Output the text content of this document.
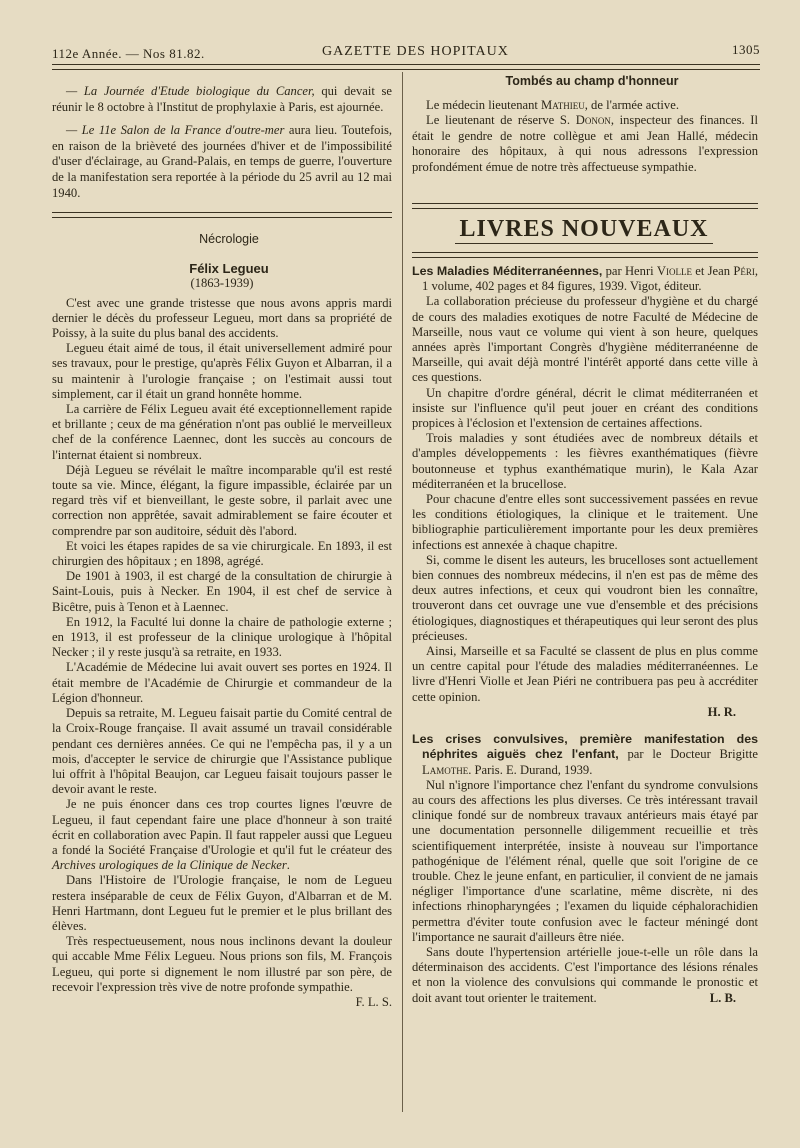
112e Année. — Nos 81.82.	GAZETTE DES HOPITAUX	1305

— La Journée d'Etude biologique du Cancer, qui devait se réunir le 8 octobre à l'Institut de prophylaxie à Paris, est ajournée.

— Le 11e Salon de la France d'outre-mer aura lieu. Toutefois, en raison de la brièveté des journées d'hiver et de l'impossibilité d'user d'éclairage, au Grand-Palais, en temps de guerre, l'ouverture de la manifestation sera reportée à la période du 25 avril au 12 mai 1940.

Nécrologie

Félix Legueu

(1863-1939)

C'est avec une grande tristesse que nous avons appris mardi dernier le décès du professeur Legueu, mort dans sa propriété de Poissy, à la suite du plus banal des accidents.

Legueu était aimé de tous, il était universellement admiré pour ses travaux, pour le prestige, qu'après Félix Guyon et Albarran, il a su maintenir à l'urologie française ; on l'estimait aussi tout simplement, car il était un grand honnête homme.

La carrière de Félix Legueu avait été exceptionnellement rapide et brillante ; ceux de ma génération n'ont pas oublié le merveilleux chef de la conférence Laennec, dont les succès au concours de l'internat étaient si nombreux.

Déjà Legueu se révélait le maître incomparable qu'il est resté toute sa vie. Mince, élégant, la figure impassible, éclairée par un regard très vif et bienveillant, le geste sobre, il parlait avec une correction non apprêtée, savait admirablement se faire écouter et comprendre par son auditoire, séduit dès l'abord.

Et voici les étapes rapides de sa vie chirurgicale. En 1893, il est chirurgien des hôpitaux ; en 1898, agrégé.

De 1901 à 1903, il est chargé de la consultation de chirurgie à Saint-Louis, puis à Necker. En 1904, il est chef de service à Bicêtre, puis à Tenon et à Laennec.

En 1912, la Faculté lui donne la chaire de pathologie externe ; en 1913, il est professeur de la clinique urologique à l'hôpital Necker ; il y reste jusqu'à sa retraite, en 1933.

L'Académie de Médecine lui avait ouvert ses portes en 1924. Il était membre de l'Académie de Chirurgie et commandeur de la Légion d'honneur.

Depuis sa retraite, M. Legueu faisait partie du Comité central de la Croix-Rouge française. Il avait assumé un travail considérable pendant ces dernières années. Ce qui ne l'empêcha pas, il y a un mois, d'accepter le service de chirurgie que l'Assistance publique lui offrit à l'hôpital Beaujon, car Legueu faisait toujours passer le devoir avant le reste.

Je ne puis énoncer dans ces trop courtes lignes l'œuvre de Legueu, il faut cependant faire une place d'honneur à son traité écrit en collaboration avec Papin. Il faut rappeler aussi que Legueu a fondé la Société Française d'Urologie et qu'il fut le créateur des Archives urologiques de la Clinique de Necker.

Dans l'Histoire de l'Urologie française, le nom de Legueu restera inséparable de ceux de Félix Guyon, d'Albarran et de M. Henri Hartmann, dont Legueu fut le premier et le plus brillant des élèves.

Très respectueusement, nous nous inclinons devant la douleur qui accable Mme Félix Legueu. Nous prions son fils, M. François Legueu, qui porte si dignement le nom illustré par son père, de recevoir l'expression très vive de notre profonde sympathie.
F. L. S.

Tombés au champ d'honneur

Le médecin lieutenant Mathieu, de l'armée active.

Le lieutenant de réserve S. Donon, inspecteur des finances. Il était le gendre de notre collègue et ami Jean Hallé, médecin honoraire des hôpitaux, à qui nous adressons l'expression profondément émue de notre très affectueuse sympathie.

LIVRES NOUVEAUX

Les Maladies Méditerranéennes, par Henri Violle et Jean Péri, 1 volume, 402 pages et 84 figures, 1939. Vigot, éditeur.

La collaboration précieuse du professeur d'hygiène et du chargé de cours des maladies exotiques de notre Faculté de Médecine de Marseille, nous vaut ce volume qui vient à son heure, quelques années après l'important Congrès d'hygiène méditerranéenne de Marseille, qui avait déjà montré l'intérêt apporté dans cette ville à ces questions.

Un chapitre d'ordre général, décrit le climat méditerranéen et insiste sur l'influence qu'il peut jouer en créant des conditions propices à l'éclosion et l'extension de certaines affections.

Trois maladies y sont étudiées avec de nombreux détails et d'amples développements : les fièvres exanthématiques (fièvre boutonneuse et typhus exanthématique murin), le Kala Azar méditerranéen et la brucellose.

Pour chacune d'entre elles sont successivement passées en revue les conditions étiologiques, la clinique et le traitement. Une bibliographie particulièrement importante pour les deux premières infections est annexée à chaque chapitre.

Si, comme le disent les auteurs, les brucelloses sont actuellement bien connues des nombreux médecins, il n'en est pas de même des deux autres infections, et ceux qui voudront bien les connaître, trouveront dans cet ouvrage une vue d'ensemble et des précisions étiologiques, diagnostiques et thérapeutiques qui leur seront des plus précieuses.

Ainsi, Marseille et sa Faculté se classent de plus en plus comme un centre capital pour l'étude des maladies méditerranéennes. Le livre d'Henri Violle et Jean Piéri ne contribuera pas peu à accréditer cette opinion.

H. R.

Les crises convulsives, première manifestation des néphrites aiguës chez l'enfant, par le Docteur Brigitte Lamothe. Paris. E. Durand, 1939.

Nul n'ignore l'importance chez l'enfant du syndrome convulsions au cours des affections les plus diverses. Ce très intéressant travail clinique fondé sur de nombreux travaux antérieurs mais étayé par une documentation personnelle diligemment recueillie et très scientifiquement interprétée, insiste à nouveau sur l'importance pathogénique de l'élément rénal, quelle que soit l'origine de ce trouble. Chez le jeune enfant, en particulier, il convient de ne jamais négliger l'importance d'une scarlatine, même discrète, ni des infections rhinopharyngées ; l'examen du liquide céphalorachidien permettra d'éviter toute confusion avec le facteur méningé dont l'importance ne saurait d'ailleurs être niée.

Sans doute l'hypertension artérielle joue-t-elle un rôle dans la déterminaison des accidents. C'est l'importance des lésions rénales et non la violence des convulsions qui commande le pronostic et doit avant tout orienter le traitement.	L. B.
